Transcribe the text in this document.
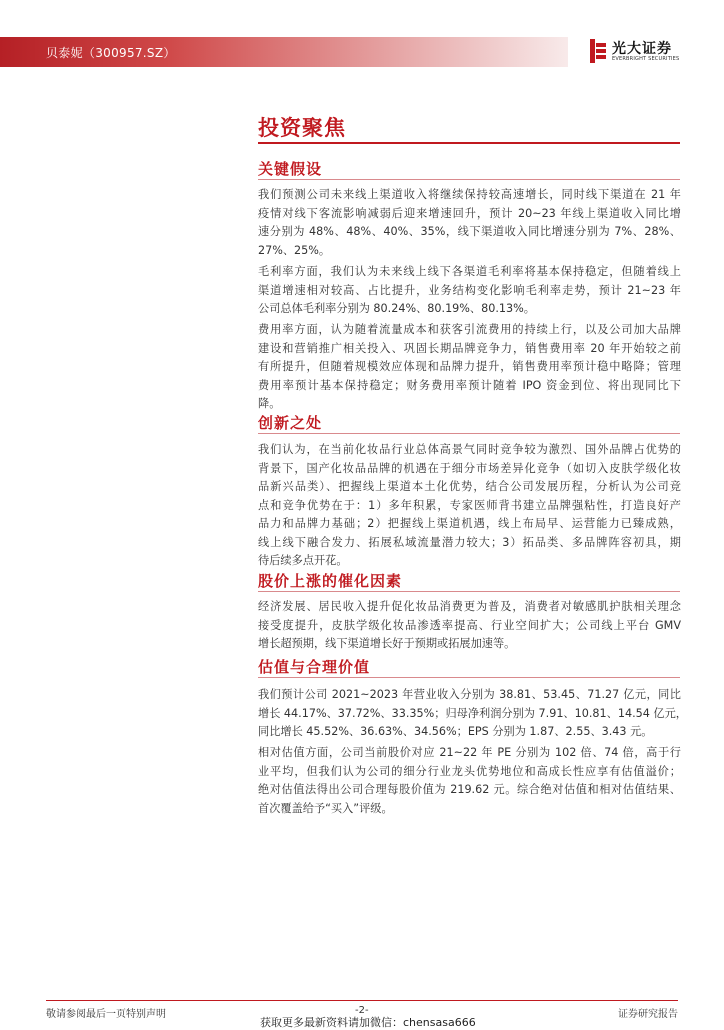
贝泰妮（300957.SZ）	光大证券
EVERBRIGHT SECURITIES
投资聚焦
关键假设
我们预测公司未来线上渠道收入将继续保持较高速增长，同时线下渠道在 21 年
疫情对线下客流影响减弱后迎来增速回升，预计 20~23 年线上渠道收入同比增
速分别为 48%、48%、40%、35%，线下渠道收入同比增速分别为 7%、28%、
27%、25%。
毛利率方面，我们认为未来线上线下各渠道毛利率将基本保持稳定，但随着线上
渠道增速相对较高、占比提升，业务结构变化影响毛利率走势，预计 21~23 年
公司总体毛利率分别为 80.24%、80.19%、80.13%。
费用率方面，认为随着流量成本和获客引流费用的持续上行，以及公司加大品牌
建设和营销推广相关投入、巩固长期品牌竞争力，销售费用率 20 年开始较之前
有所提升，但随着规模效应体现和品牌力提升，销售费用率预计稳中略降；管理
费用率预计基本保持稳定；财务费用率预计随着 IPO 资金到位、将出现同比下
降。
创新之处
我们认为，在当前化妆品行业总体高景气同时竞争较为激烈、国外品牌占优势的
背景下，国产化妆品品牌的机遇在于细分市场差异化竞争（如切入皮肤学级化妆
品新兴品类）、把握线上渠道本土化优势，结合公司发展历程，分析认为公司竞
点和竞争优势在于：1）多年积累，专家医师背书建立品牌强粘性，打造良好产
品力和品牌力基础；2）把握线上渠道机遇，线上布局早、运营能力已臻成熟，
线上线下融合发力、拓展私域流量潜力较大；3）拓品类、多品牌阵容初具，期
待后续多点开花。
股价上涨的催化因素
经济发展、居民收入提升促化妆品消费更为普及，消费者对敏感肌护肤相关理念
接受度提升，皮肤学级化妆品渗透率提高、行业空间扩大；公司线上平台 GMV
增长超预期，线下渠道增长好于预期或拓展加速等。
估值与合理价值
我们预计公司 2021~2023 年营业收入分别为 38.81、53.45、71.27 亿元，同比
增长 44.17%、37.72%、33.35%；归母净利润分别为 7.91、10.81、14.54 亿元，
同比增长 45.52%、36.63%、34.56%；EPS 分别为 1.87、2.55、3.43 元。
相对估值方面，公司当前股价对应 21~22 年 PE 分别为 102 倍、74 倍，高于行
业平均，但我们认为公司的细分行业龙头优势地位和高成长性应享有估值溢价；
绝对估值法得出公司合理每股价值为 219.62 元。综合绝对估值和相对估值结果、
首次覆盖给予“买入”评级。
敬请参阅最后一页特别声明	-2-	证券研究报告
获取更多最新资料请加微信：chensasa666
